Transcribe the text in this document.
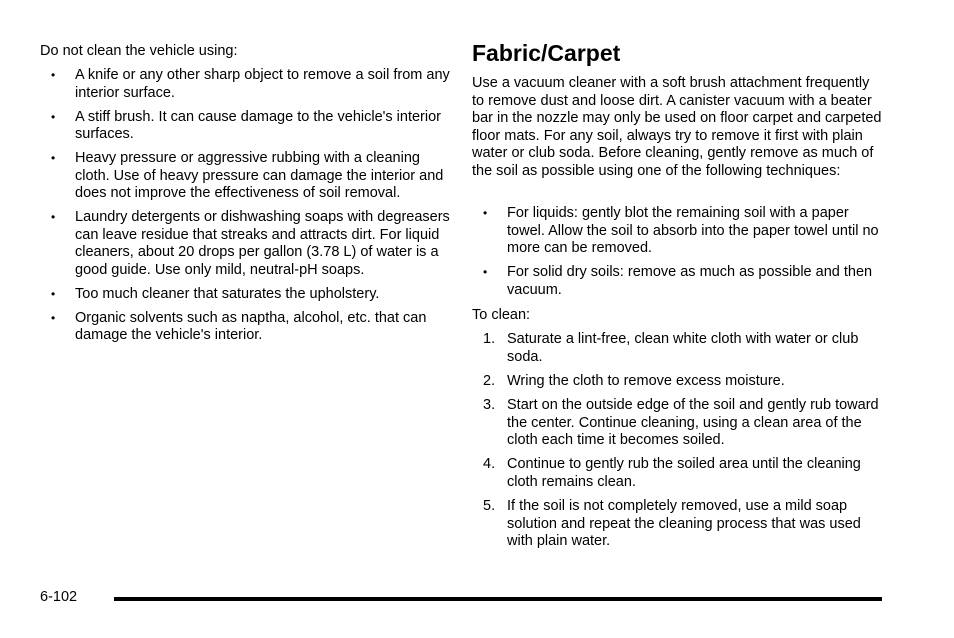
Do not clean the vehicle using:

• A knife or any other sharp object to remove a soil from any interior surface.
• A stiff brush. It can cause damage to the vehicle's interior surfaces.
• Heavy pressure or aggressive rubbing with a cleaning cloth. Use of heavy pressure can damage the interior and does not improve the effectiveness of soil removal.
• Laundry detergents or dishwashing soaps with degreasers can leave residue that streaks and attracts dirt. For liquid cleaners, about 20 drops per gallon (3.78 L) of water is a good guide. Use only mild, neutral-pH soaps.
• Too much cleaner that saturates the upholstery.
• Organic solvents such as naptha, alcohol, etc. that can damage the vehicle's interior.
Fabric/Carpet

Use a vacuum cleaner with a soft brush attachment frequently to remove dust and loose dirt. A canister vacuum with a beater bar in the nozzle may only be used on floor carpet and carpeted floor mats. For any soil, always try to remove it first with plain water or club soda. Before cleaning, gently remove as much of the soil as possible using one of the following techniques:

• For liquids: gently blot the remaining soil with a paper towel. Allow the soil to absorb into the paper towel until no more can be removed.
• For solid dry soils: remove as much as possible and then vacuum.

To clean:

1. Saturate a lint-free, clean white cloth with water or club soda.
2. Wring the cloth to remove excess moisture.
3. Start on the outside edge of the soil and gently rub toward the center. Continue cleaning, using a clean area of the cloth each time it becomes soiled.
4. Continue to gently rub the soiled area until the cleaning cloth remains clean.
5. If the soil is not completely removed, use a mild soap solution and repeat the cleaning process that was used with plain water.

6-102
